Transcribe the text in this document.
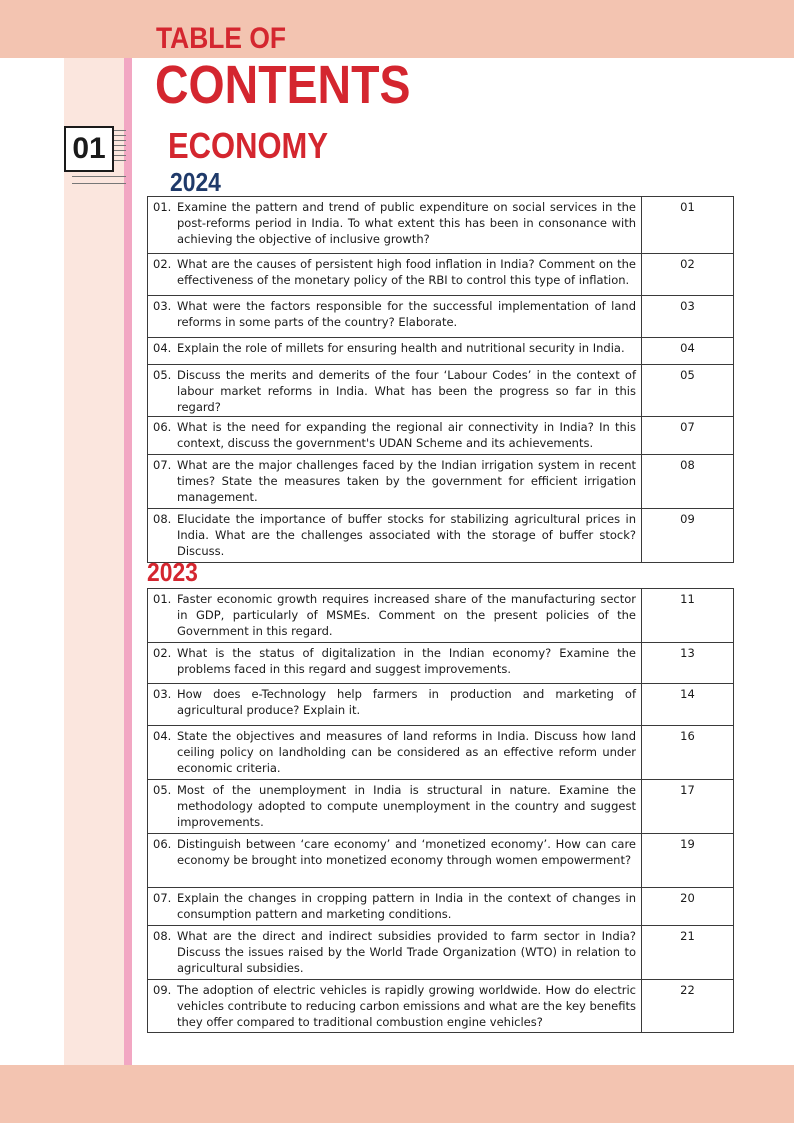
TABLE OF
CONTENTS
01 ECONOMY
2024
01. Examine the pattern and trend of public expenditure on social services in the post-reforms period in India. To what extent this has been in consonance with achieving the objective of inclusive growth?	01

02. What are the causes of persistent high food inflation in India? Comment on the effectiveness of the monetary policy of the RBI to control this type of inflation.	02

03. What were the factors responsible for the successful implementation of land reforms in some parts of the country? Elaborate.	03

04. Explain the role of millets for ensuring health and nutritional security in India.	04

05. Discuss the merits and demerits of the four ‘Labour Codes’ in the context of labour market reforms in India. What has been the progress so far in this regard?	05

06. What is the need for expanding the regional air connectivity in India? In this context, discuss the government's UDAN Scheme and its achievements.	07

07. What are the major challenges faced by the Indian irrigation system in recent times? State the measures taken by the government for efficient irrigation management.	08

08. Elucidate the importance of buffer stocks for stabilizing agricultural prices in India. What are the challenges associated with the storage of buffer stock? Discuss.	09
2023
01. Faster economic growth requires increased share of the manufacturing sector in GDP, particularly of MSMEs. Comment on the present policies of the Government in this regard.	11

02. What is the status of digitalization in the Indian economy? Examine the problems faced in this regard and suggest improvements.	13

03. How does e-Technology help farmers in production and marketing of agricultural produce? Explain it.	14

04. State the objectives and measures of land reforms in India. Discuss how land ceiling policy on landholding can be considered as an effective reform under economic criteria.	16

05. Most of the unemployment in India is structural in nature. Examine the methodology adopted to compute unemployment in the country and suggest improvements.	17

06. Distinguish between ‘care economy’ and ‘monetized economy’. How can care economy be brought into monetized economy through women empowerment?	19

07. Explain the changes in cropping pattern in India in the context of changes in consumption pattern and marketing conditions.	20

08. What are the direct and indirect subsidies provided to farm sector in India? Discuss the issues raised by the World Trade Organization (WTO) in relation to agricultural subsidies.	21

09. The adoption of electric vehicles is rapidly growing worldwide. How do electric vehicles contribute to reducing carbon emissions and what are the key benefits they offer compared to traditional combustion engine vehicles?	22
